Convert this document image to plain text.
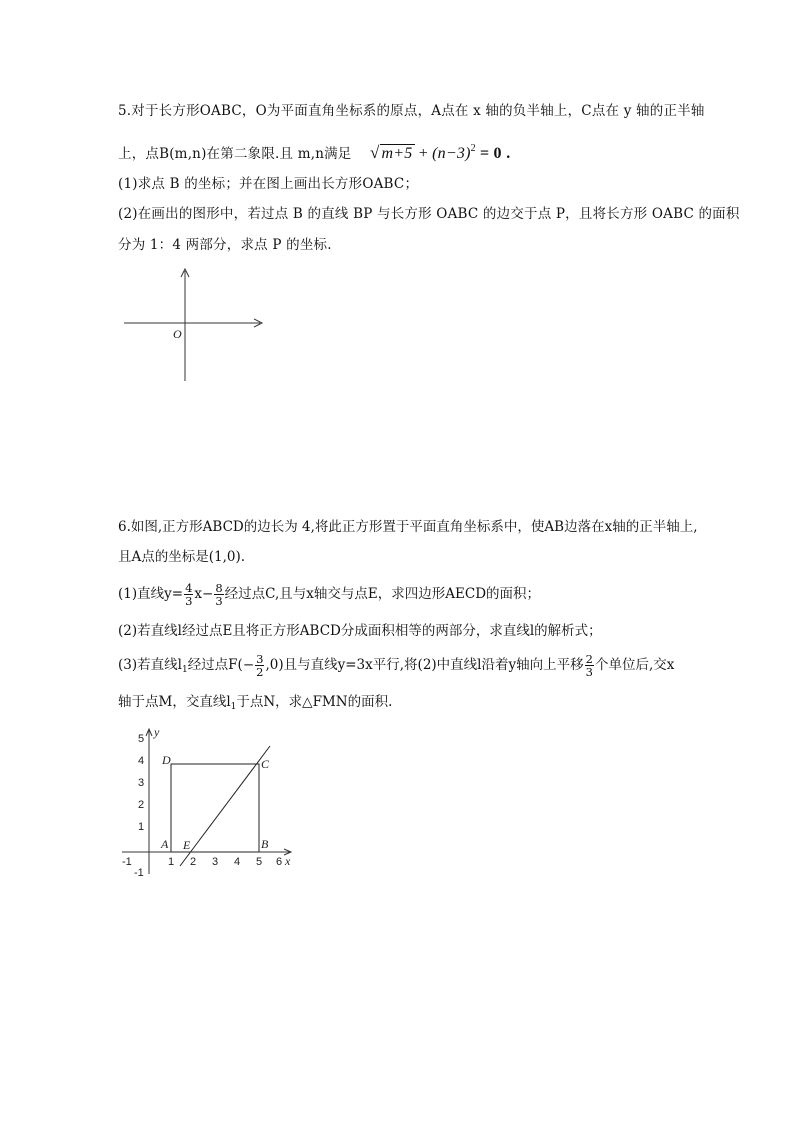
5.对于长方形OABC，O为平面直角坐标系的原点，A点在 x 轴的负半轴上，C点在 y 轴的正半轴
上，点B(m,n)在第二象限.且 m,n满足 √ $m+5 + (n-3)^2 = 0$ .
(1)求点 B 的坐标；并在图上画出长方形OABC；
(2)在画出的图形中，若过点 B 的直线 BP 与长方形 OABC 的边交于点 P，且将长方形 OABC 的面积
分为 1：4 两部分，求点 P 的坐标.
O
6.如图,正方形ABCD的边长为 4,将此正方形置于平面直角坐标系中，使AB边落在x轴的正半轴上,
且A点的坐标是(1,0).
(1)直线$y= \frac{4}{3} x- \frac{8}{3}$ 经过点C,且与x轴交与点E，求四边形AECD的面积；
(2)若直线l经过点E且将正方形ABCD分成面积相等的两部分，求直线l的解析式；
(3)若直线$l_1$经过点$F(- \frac{3}{2} ,0)$且与直线y=3x平行,将(2)中直线l沿着y轴向上平移 $\frac{2}{3}$ 个单位后,交x
轴于点M，交直线$l_1$于点N，求△FMN的面积.
y
x
5
4
3
2
1
-1
-1	1 2 3 4 5 6
D	C
A	B
E
